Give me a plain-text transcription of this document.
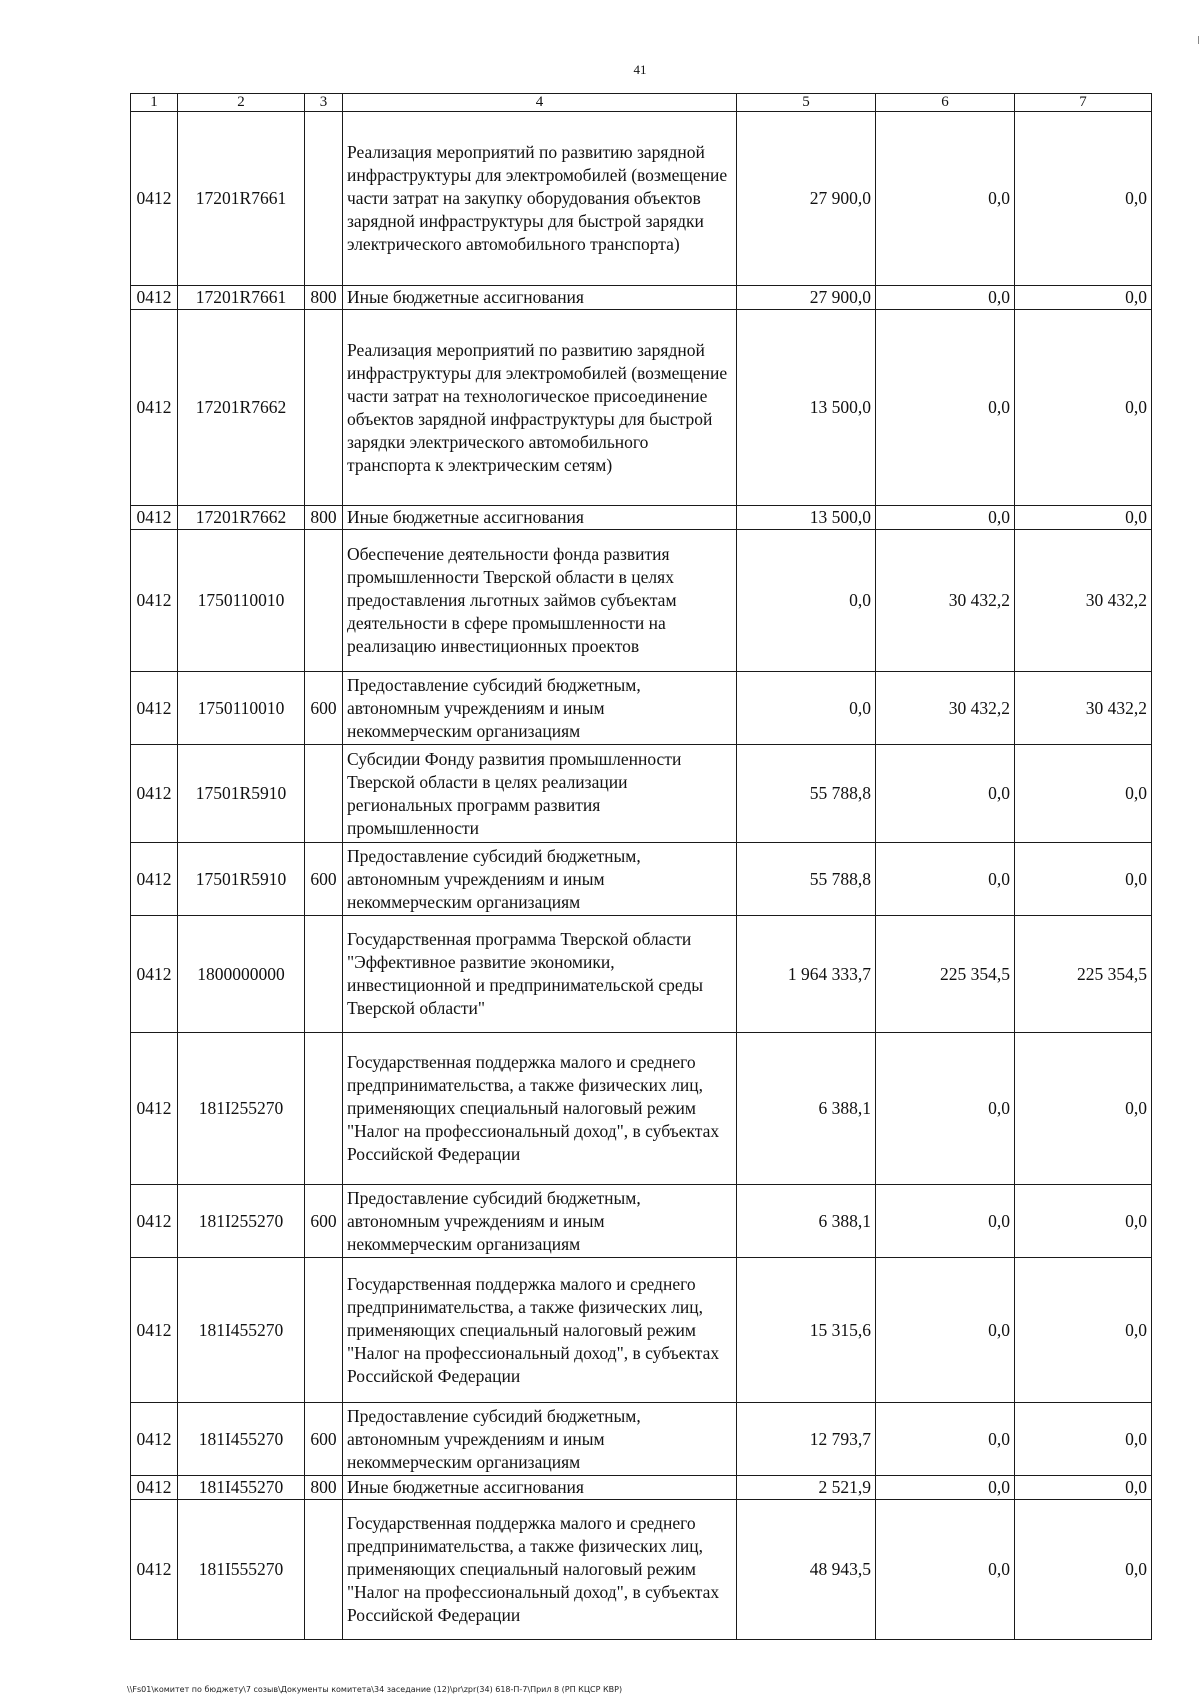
41
1	2	3	4	5	6	7
0412	17201R7661		Реализация мероприятий по развитию зарядной инфраструктуры для электромобилей (возмещение части затрат на закупку оборудования объектов зарядной инфраструктуры для быстрой зарядки электрического автомобильного транспорта)	27 900,0	0,0	0,0
0412	17201R7661	800	Иные бюджетные ассигнования	27 900,0	0,0	0,0
0412	17201R7662		Реализация мероприятий по развитию зарядной инфраструктуры для электромобилей (возмещение части затрат на технологическое присоединение объектов зарядной инфраструктуры для быстрой зарядки электрического автомобильного транспорта к электрическим сетям)	13 500,0	0,0	0,0
0412	17201R7662	800	Иные бюджетные ассигнования	13 500,0	0,0	0,0
0412	1750110010		Обеспечение деятельности фонда развития промышленности Тверской области в целях предоставления льготных займов субъектам деятельности в сфере промышленности на реализацию инвестиционных проектов	0,0	30 432,2	30 432,2
0412	1750110010	600	Предоставление субсидий бюджетным, автономным учреждениям и иным некоммерческим организациям	0,0	30 432,2	30 432,2
0412	17501R5910		Субсидии Фонду развития промышленности Тверской области в целях реализации региональных программ развития промышленности	55 788,8	0,0	0,0
0412	17501R5910	600	Предоставление субсидий бюджетным, автономным учреждениям и иным некоммерческим организациям	55 788,8	0,0	0,0
0412	1800000000		Государственная программа Тверской области "Эффективное развитие экономики, инвестиционной и предпринимательской среды Тверской области"	1 964 333,7	225 354,5	225 354,5
0412	181I255270		Государственная поддержка малого и среднего предпринимательства, а также физических лиц, применяющих специальный налоговый режим "Налог на профессиональный доход", в субъектах Российской Федерации	6 388,1	0,0	0,0
0412	181I255270	600	Предоставление субсидий бюджетным, автономным учреждениям и иным некоммерческим организациям	6 388,1	0,0	0,0
0412	181I455270		Государственная поддержка малого и среднего предпринимательства, а также физических лиц, применяющих специальный налоговый режим "Налог на профессиональный доход", в субъектах Российской Федерации	15 315,6	0,0	0,0
0412	181I455270	600	Предоставление субсидий бюджетным, автономным учреждениям и иным некоммерческим организациям	12 793,7	0,0	0,0
0412	181I455270	800	Иные бюджетные ассигнования	2 521,9	0,0	0,0
0412	181I555270		Государственная поддержка малого и среднего предпринимательства, а также физических лиц, применяющих специальный налоговый режим "Налог на профессиональный доход", в субъектах Российской Федерации	48 943,5	0,0	0,0
\\Fs01\комитет по бюджету\7 созыв\Документы комитета\34 заседание (12)\pr\zpr(34) 618-П-7\Прил 8 (РП КЦСР КВР)
